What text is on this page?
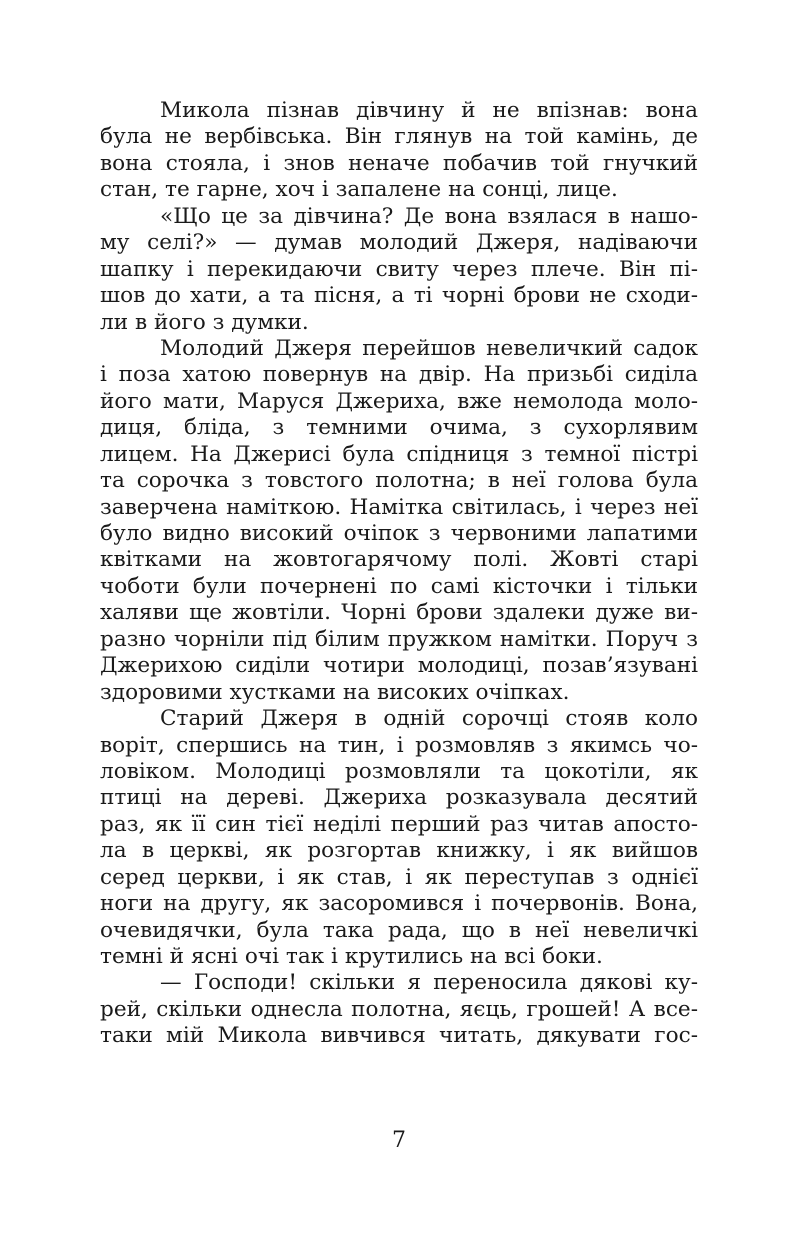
Микола пізнав дівчину й не впізнав: вона
була не вербівська. Він глянув на той камінь, де
вона стояла, і знов неначе побачив той гнучкий
стан, те гарне, хоч і запалене на сонці, лице.
«Що це за дівчина? Де вона взялася в нашо-
му селі?» — думав молодий Джеря, надіваючи
шапку і перекидаючи свиту через плече. Він пі-
шов до хати, а та пісня, а ті чорні брови не сходи-
ли в його з думки.
Молодий Джеря перейшов невеличкий садок
і поза хатою повернув на двір. На призьбі сиділа
його мати, Маруся Джериха, вже немолода моло-
диця, бліда, з темними очима, з сухорлявим
лицем. На Джерисі була спідниця з темної пістрі
та сорочка з товстого полотна; в неї голова була
заверчена наміткою. Намітка світилась, і через неї
було видно високий очіпок з червоними лапатими
квітками на жовтогарячому полі. Жовті старі
чоботи були почернені по самі кісточки і тільки
халяви ще жовтіли. Чорні брови здалеки дуже ви-
разно чорніли під білим пружком намітки. Поруч з
Джерихою сиділи чотири молодиці, позав’язувані
здоровими хустками на високих очіпках.
Старий Джеря в одній сорочці стояв коло
воріт, спершись на тин, і розмовляв з якимсь чо-
ловіком. Молодиці розмовляли та цокотіли, як
птиці на дереві. Джериха розказувала десятий
раз, як її син тієї неділі перший раз читав апосто-
ла в церкві, як розгортав книжку, і як вийшов
серед церкви, і як став, і як переступав з однієї
ноги на другу, як засоромився і почервонів. Вона,
очевидячки, була така рада, що в неї невеличкі
темні й ясні очі так і крутились на всі боки.
— Господи! скільки я переносила дякові ку-
рей, скільки однесла полотна, яєць, грошей! А все-
таки мій Микола вивчився читать, дякувати гос-
7
